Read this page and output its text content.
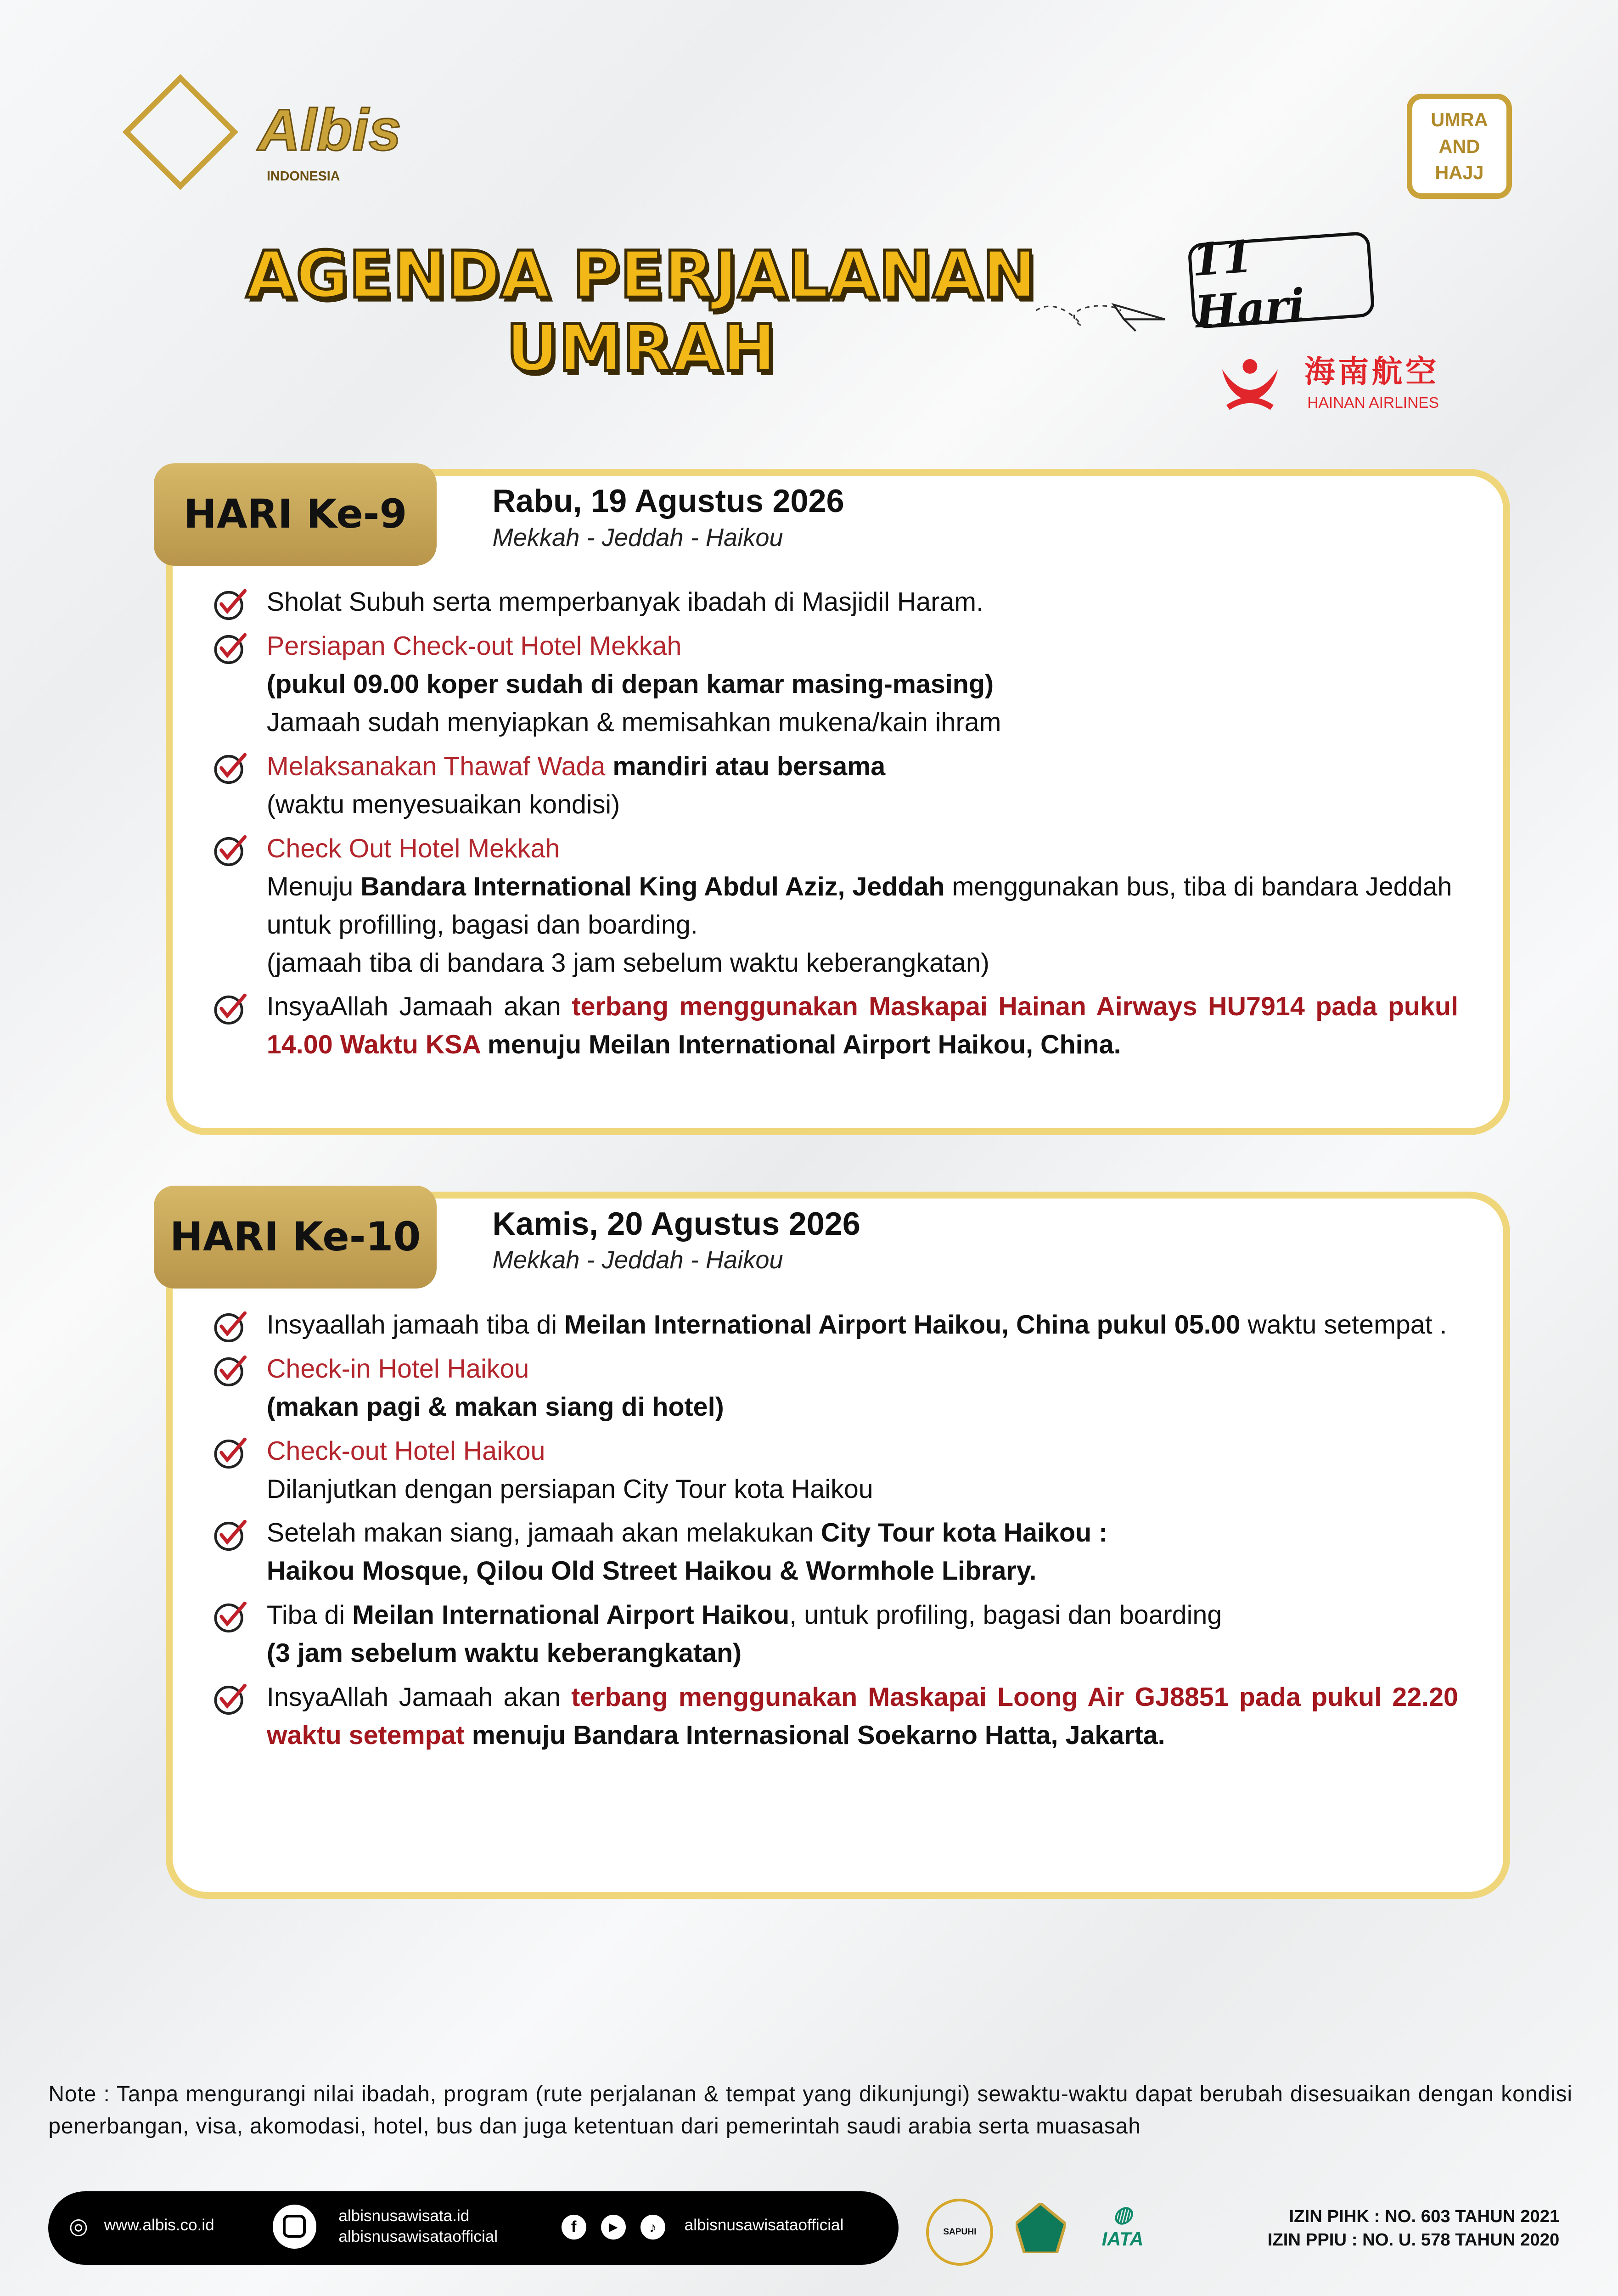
Albis
INDONESIA
UMRA AND HAJJ
AGENDA PERJALANAN
UMRAH
11 Hari
海南航空
HAINAN AIRLINES
HARI Ke-9	Rabu, 19 Agustus 2026
Mekkah - Jeddah - Haikou
Sholat Subuh serta memperbanyak ibadah di Masjidil Haram.
Persiapan Check-out Hotel Mekkah
(pukul 09.00 koper sudah di depan kamar masing-masing)
Jamaah sudah menyiapkan & memisahkan mukena/kain ihram
Melaksanakan Thawaf Wada mandiri atau bersama
(waktu menyesuaikan kondisi)
Check Out Hotel Mekkah
Menuju Bandara International King Abdul Aziz, Jeddah menggunakan bus, tiba di bandara Jeddah untuk profilling, bagasi dan boarding.
(jamaah tiba di bandara 3 jam sebelum waktu keberangkatan)
InsyaAllah Jamaah akan terbang menggunakan Maskapai Hainan Airways HU7914 pada pukul 14.00 Waktu KSA menuju Meilan International Airport Haikou, China.
HARI Ke-10	Kamis, 20 Agustus 2026
Mekkah - Jeddah - Haikou
Insyaallah jamaah tiba di Meilan International Airport Haikou, China pukul 05.00 waktu setempat .
Check-in Hotel Haikou
(makan pagi & makan siang di hotel)
Check-out Hotel Haikou
Dilanjutkan dengan persiapan City Tour kota Haikou
Setelah makan siang, jamaah akan melakukan City Tour kota Haikou :
Haikou Mosque, Qilou Old Street Haikou & Wormhole Library.
Tiba di Meilan International Airport Haikou, untuk profiling, bagasi dan boarding
(3 jam sebelum waktu keberangkatan)
InsyaAllah Jamaah akan terbang menggunakan Maskapai Loong Air GJ8851 pada pukul 22.20 waktu setempat menuju Bandara Internasional Soekarno Hatta, Jakarta.
Note : Tanpa mengurangi nilai ibadah, program (rute perjalanan & tempat yang dikunjungi) sewaktu-waktu dapat berubah disesuaikan dengan kondisi penerbangan, visa, akomodasi, hotel, bus dan juga ketentuan dari pemerintah saudi arabia serta muasasah
◎ www.albis.co.id
albisnusawisata.id
albisnusawisataofficial
f	▶	♪	albisnusawisataofficial	SAPUHI
◍
IATA
IZIN PIHK : NO. 603 TAHUN 2021
IZIN PPIU : NO. U. 578 TAHUN 2020
